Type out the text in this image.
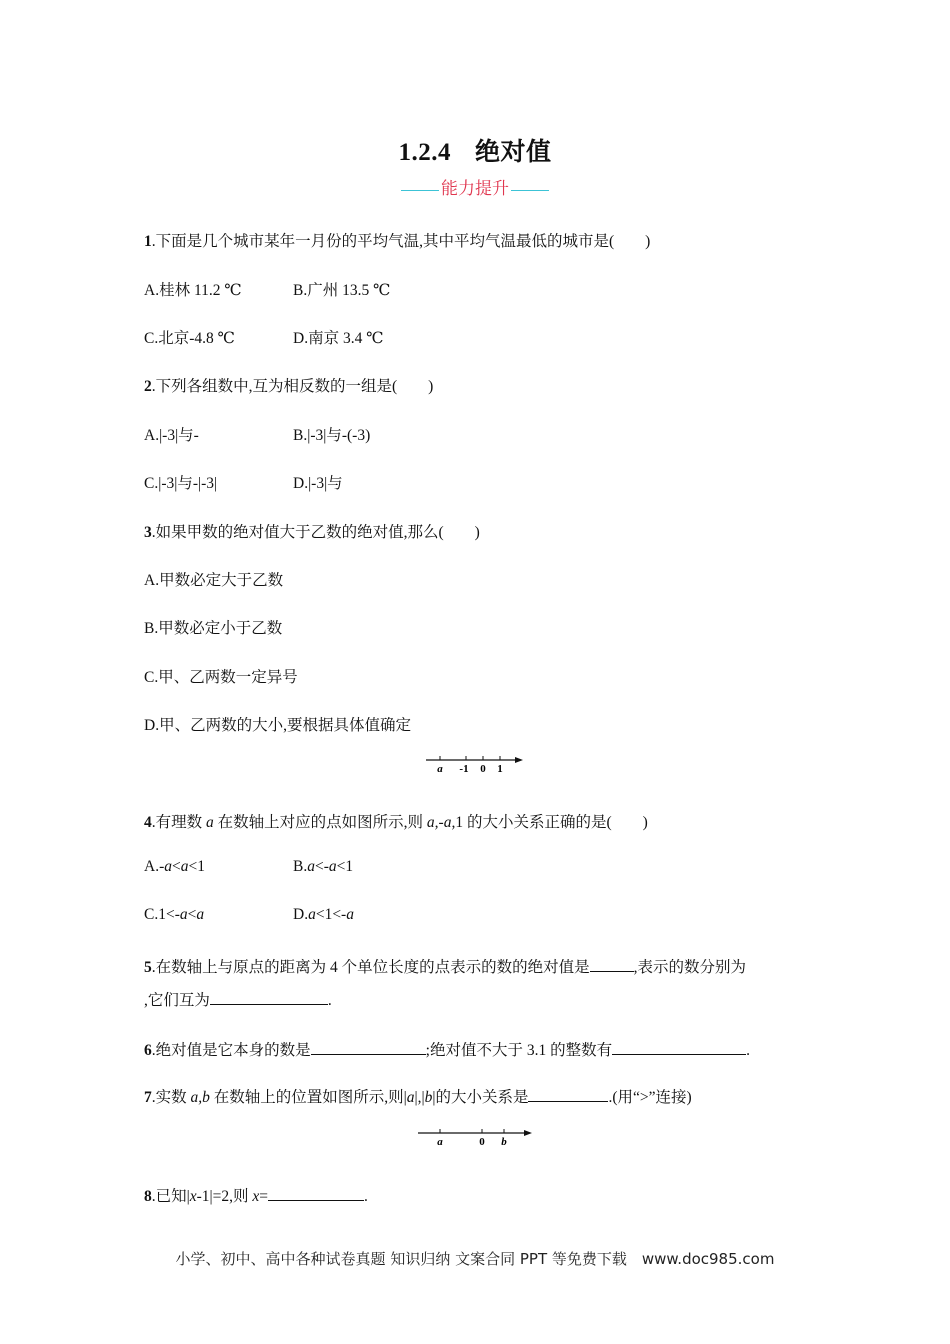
1.2.4 绝对值
能力提升
1.下面是几个城市某年一月份的平均气温,其中平均气温最低的城市是(　　)
A.桂林 11.2 ℃	B.广州 13.5 ℃
C.北京-4.8 ℃	D.南京 3.4 ℃
2.下列各组数中,互为相反数的一组是(　　)
A.|-3|与-	B.|-3|与-(-3)
C.|-3|与-|-3|	D.|-3|与
3.如果甲数的绝对值大于乙数的绝对值,那么(　　)
A.甲数必定大于乙数
B.甲数必定小于乙数
C.甲、乙两数一定异号
D.甲、乙两数的大小,要根据具体值确定
a -1 0 1
4.有理数 a 在数轴上对应的点如图所示,则 a,-a,1 的大小关系正确的是(　　)
A.-a<a<1	B.a<-a<1
C.1<-a<a	D.a<1<-a
5.在数轴上与原点的距离为 4 个单位长度的点表示的数的绝对值是	,表示的数分别为
,它们互为	.
6.绝对值是它本身的数是	;绝对值不大于 3.1 的整数有	.
7.实数 a,b 在数轴上的位置如图所示,则|a|,|b|的大小关系是	.(用“>”连接)
a	0 b
8.已知|x-1|=2,则 x=	.
小学、初中、高中各种试卷真题 知识归纳 文案合同 PPT 等免费下载　www.doc985.com
